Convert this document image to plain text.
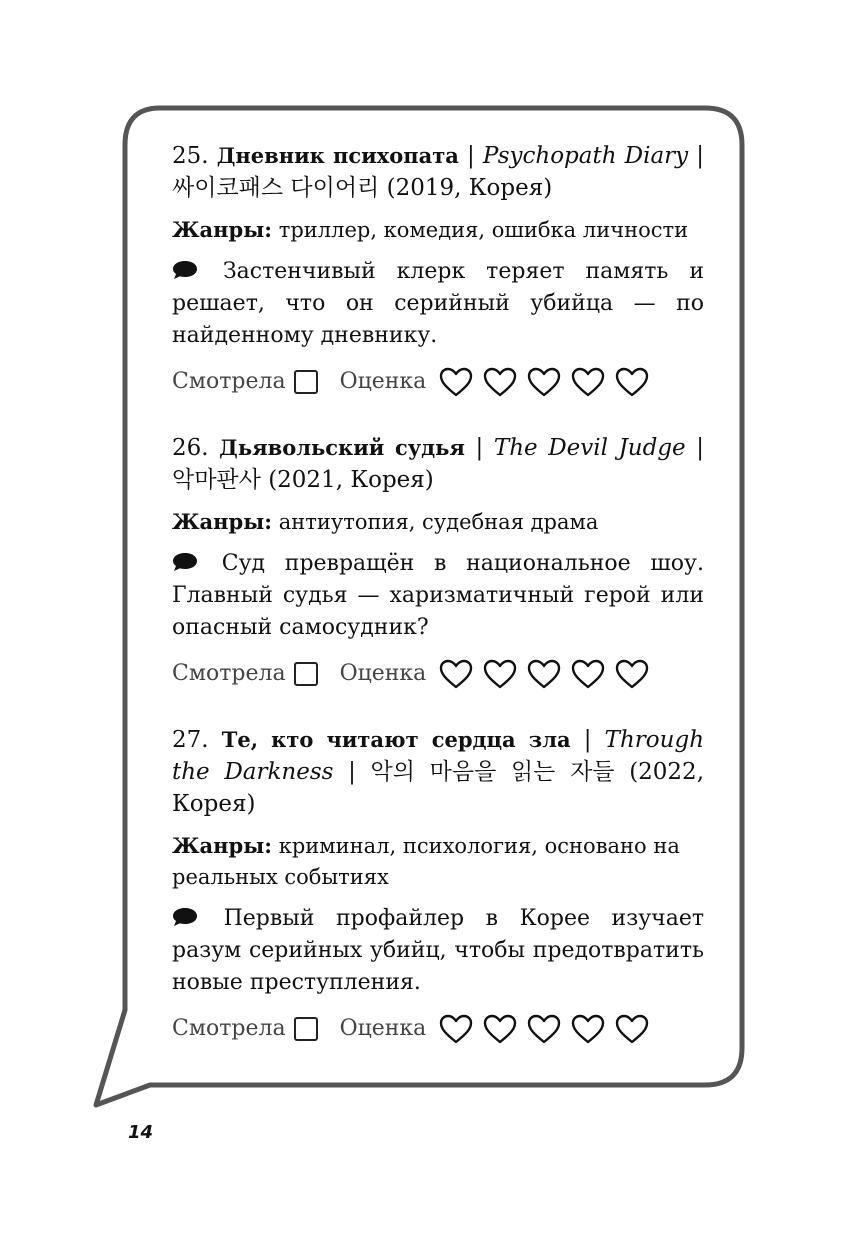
25. Дневник психопата | Psychopath Diary | 싸이코패스 다이어리 (2019, Корея)

Жанры: триллер, комедия, ошибка личности

Застенчивый клерк теряет память и решает, что он серийный убийца — по найденному дневнику.

Смотрела Оценка

26. Дьявольский судья | The Devil Judge | 악마판사 (2021, Корея)

Жанры: антиутопия, судебная драма

Суд превращён в национальное шоу. Главный судья — харизматичный герой или опасный самосудник?

Смотрела Оценка

27. Те, кто читают сердца зла | Through the Darkness | 악의 마음을 읽는 자들 (2022, Корея)

Жанры: криминал, психология, основано на реальных событиях

Первый профайлер в Корее изучает разум серийных убийц, чтобы предотвратить новые преступления.

Смотрела Оценка

14
